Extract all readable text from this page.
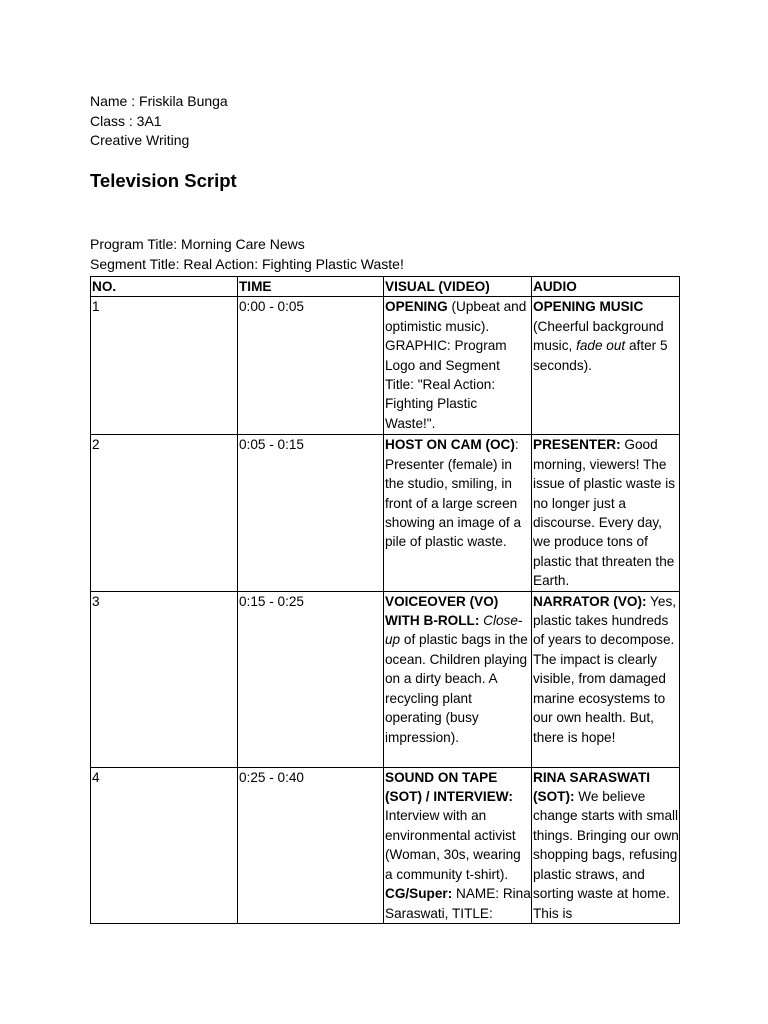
Name : Friskila Bunga
Class : 3A1
Creative Writing
Television Script
Program Title: Morning Care News
Segment Title: Real Action: Fighting Plastic Waste!
NO.	TIME	VISUAL (VIDEO)	AUDIO
1	0:00 - 0:05	OPENING (Upbeat and optimistic music). GRAPHIC: Program Logo and Segment Title: "Real Action: Fighting Plastic Waste!".	OPENING MUSIC (Cheerful background music, fade out after 5 seconds).
2	0:05 - 0:15	HOST ON CAM (OC): Presenter (female) in the studio, smiling, in front of a large screen showing an image of a pile of plastic waste.	PRESENTER: Good morning, viewers! The issue of plastic waste is no longer just a discourse. Every day, we produce tons of plastic that threaten the Earth.
3	0:15 - 0:25	VOICEOVER (VO) WITH B-ROLL: Close-up of plastic bags in the ocean. Children playing on a dirty beach. A recycling plant operating (busy impression).	NARRATOR (VO): Yes, plastic takes hundreds of years to decompose. The impact is clearly visible, from damaged marine ecosystems to our own health. But, there is hope!
4	0:25 - 0:40	SOUND ON TAPE (SOT) / INTERVIEW: Interview with an environmental activist (Woman, 30s, wearing a community t-shirt). CG/Super: NAME: Rina Saraswati, TITLE:	RINA SARASWATI (SOT): We believe change starts with small things. Bringing our own shopping bags, refusing plastic straws, and sorting waste at home. This is
